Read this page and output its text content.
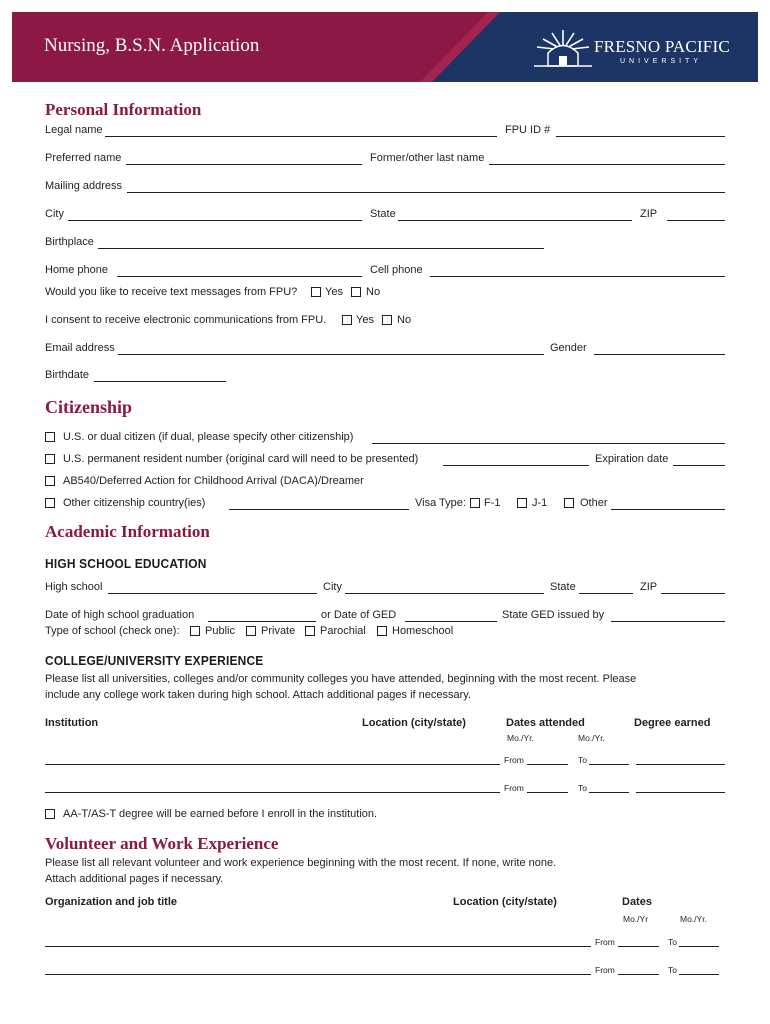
Nursing, B.S.N. Application	FRESNO PACIFIC
UNIVERSITY
Personal Information
Legal name	FPU ID #
Preferred name	Former/other last name
Mailing address
City	State	ZIP
Birthplace
Home phone	Cell phone
Would you like to receive text messages from FPU?	Yes No
I consent to receive electronic communications from FPU.	Yes No
Email address	Gender
Birthdate
Citizenship
U.S. or dual citizen (if dual, please specify other citizenship)
U.S. permanent resident number (original card will need to be presented)	Expiration date
AB540/Deferred Action for Childhood Arrival (DACA)/Dreamer
Other citizenship country(ies)	Visa Type: F-1	J-1	Other
Academic Information
HIGH SCHOOL EDUCATION
High school	City	State	ZIP
Date of high school graduation	or Date of GED	State GED issued by
Type of school (check one): Public Private Parochial Homeschool
COLLEGE/UNIVERSITY EXPERIENCE
Please list all universities, colleges and/or community colleges you have attended, beginning with the most recent. Please
include any college work taken during high school. Attach additional pages if necessary.
Institution	Location (city/state)	Dates attended	Degree earned
Mo./Yr.	Mo./Yr.
From	To
From	To
AA-T/AS-T degree will be earned before I enroll in the institution.
Volunteer and Work Experience
Please list all relevant volunteer and work experience beginning with the most recent. If none, write none.
Attach additional pages if necessary.
Organization and job title	Location (city/state)	Dates
Mo./Yr	Mo./Yr.
From	To
From	To
